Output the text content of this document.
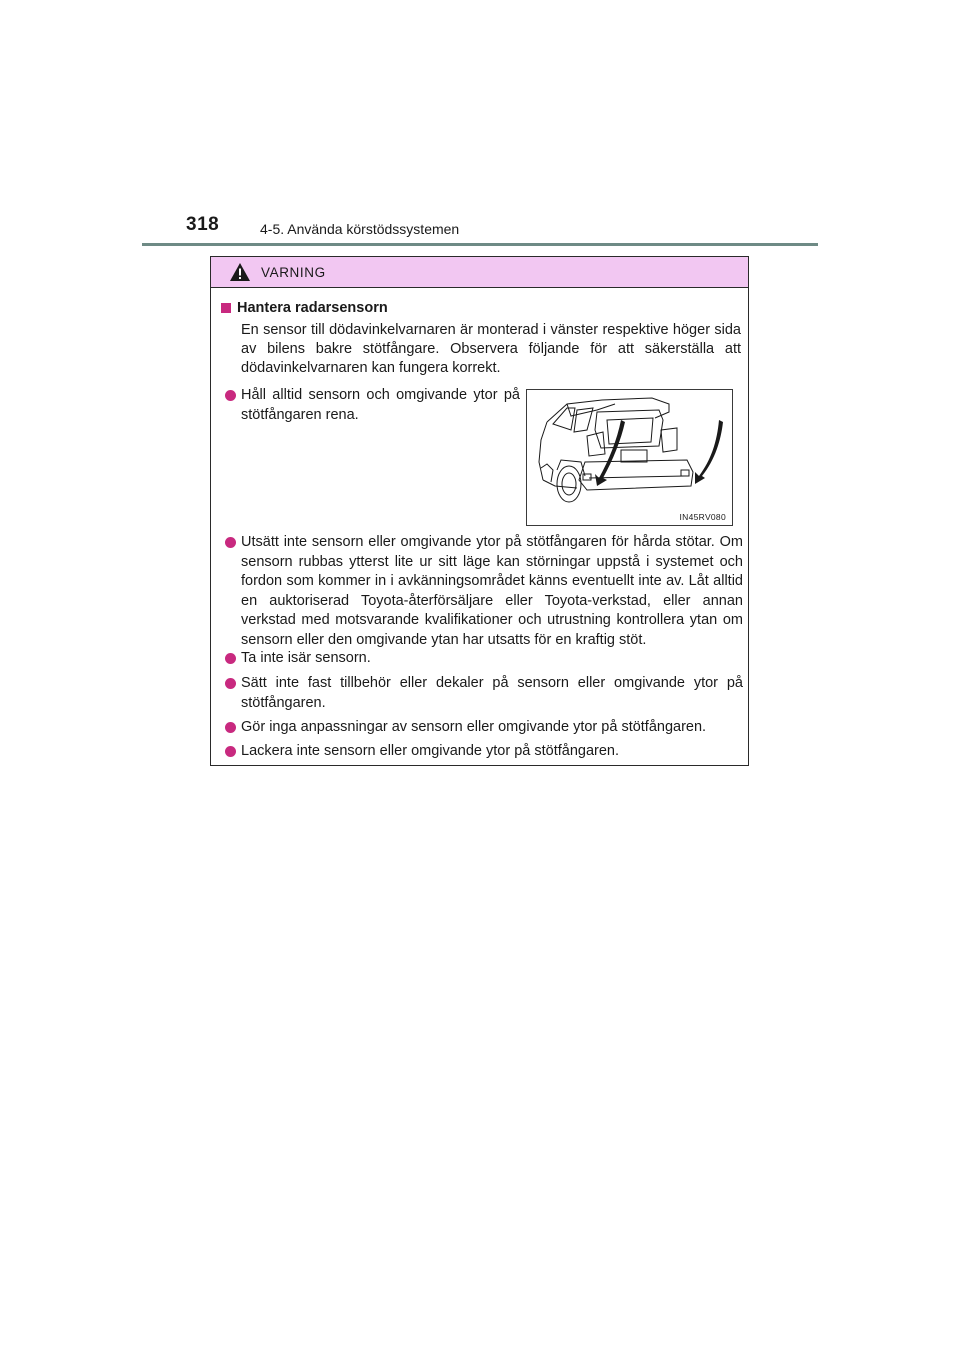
318	4-5. Använda körstödssystemen
VARNING
Hantera radarsensorn

En sensor till dödavinkelvarnaren är monterad i vänster respektive höger sida av bilens bakre stötfångare. Observera följande för att säkerställa att dödavinkelvarnaren kan fungera korrekt.

Håll alltid sensorn och omgivande ytor på stötfångaren rena.
IN45RV080
Utsätt inte sensorn eller omgivande ytor på stötfångaren för hårda stötar. Om sensorn rubbas ytterst lite ur sitt läge kan störningar uppstå i systemet och fordon som kommer in i avkänningsområdet känns eventuellt inte av. Låt alltid en auktoriserad Toyota-återförsäljare eller Toyota-verkstad, eller annan verkstad med motsvarande kvalifikationer och utrustning kontrollera ytan om sensorn eller den omgivande ytan har utsatts för en kraftig stöt.
Ta inte isär sensorn.
Sätt inte fast tillbehör eller dekaler på sensorn eller omgivande ytor på stötfångaren.
Gör inga anpassningar av sensorn eller omgivande ytor på stötfångaren.
Lackera inte sensorn eller omgivande ytor på stötfångaren.
